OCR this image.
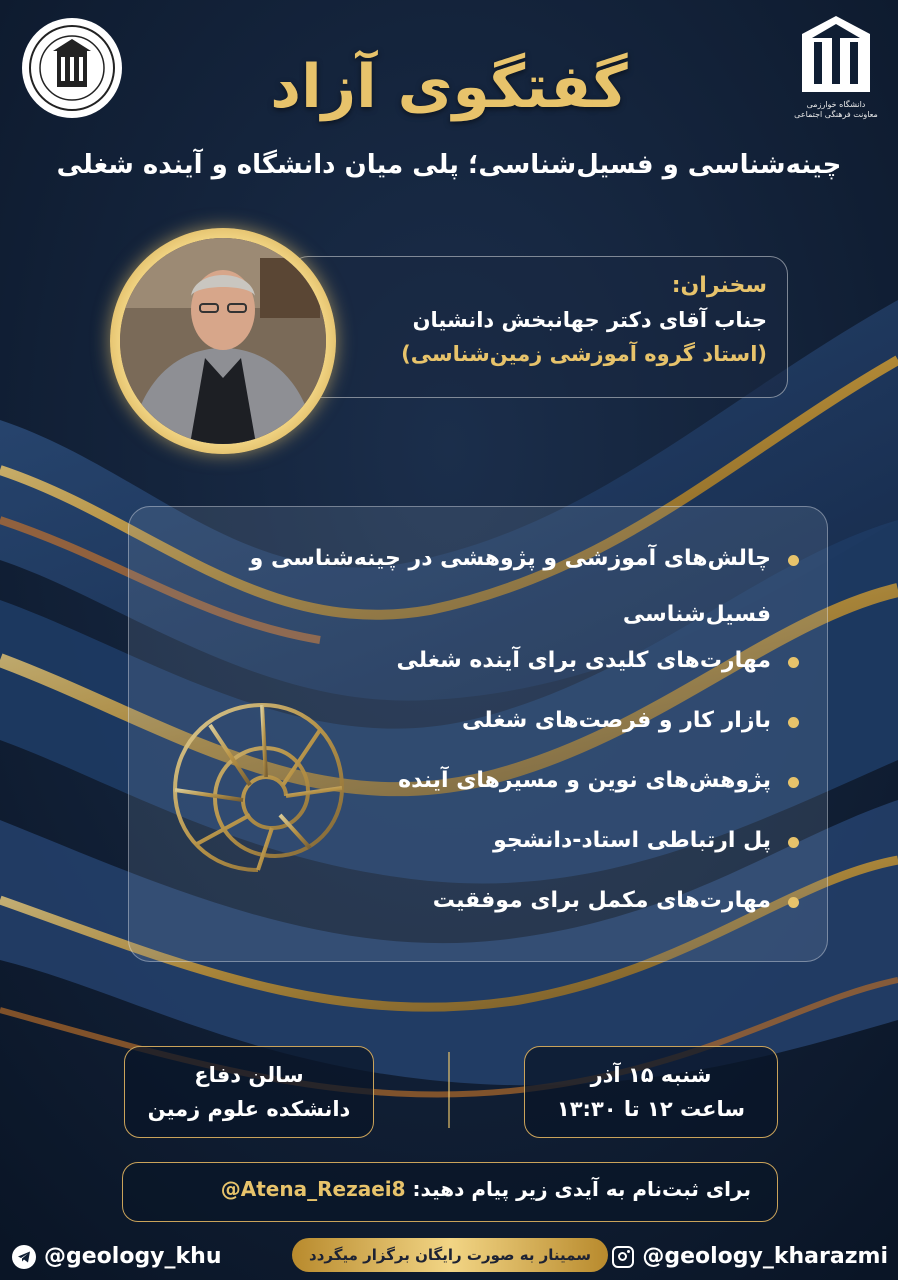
دانشگاه خوارزمی
معاونت فرهنگی اجتماعی
گفتگوی آزاد
چینه‌شناسی و فسیل‌شناسی؛ پلی میان دانشگاه و آینده شغلی
سخنران:
جناب آقای دکتر جهانبخش دانشیان
(استاد گروه آموزشی زمین‌شناسی)
چالش‌های آموزشی و پژوهشی در چینه‌شناسی و فسیل‌شناسی
مهارت‌های کلیدی برای آینده شغلی
بازار کار و فرصت‌های شغلی
پژوهش‌های نوین و مسیرهای آینده
پل ارتباطی استاد-دانشجو
مهارت‌های مکمل برای موفقیت
شنبه ۱۵ آذر
ساعت ۱۲ تا ۱۳:۳۰
سالن دفاع
دانشکده علوم زمین
برای ثبت‌نام به آیدی زیر پیام دهید: @Atena_Rezaei8
@geology_khu	سمینار به صورت رایگان برگزار میگردد	@geology_kharazmi
